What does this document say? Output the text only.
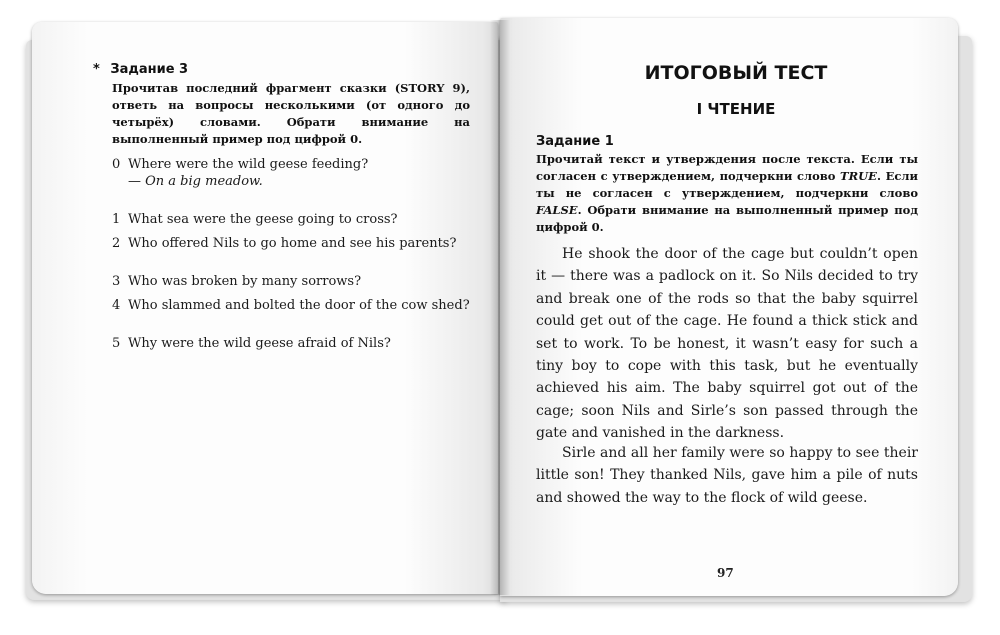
* Задание 3
Прочитав последний фрагмент сказки (STORY 9), ответь на вопросы несколькими (от одного до четырёх) словами. Обрати внимание на выполненный пример под цифрой 0.
0 Where were the wild geese feeding?
— On a big meadow.
1 What sea were the geese going to cross?
2 Who offered Nils to go home and see his parents?
3 Who was broken by many sorrows?
4 Who slammed and bolted the door of the cow shed?
5 Why were the wild geese afraid of Nils?
ИТОГОВЫЙ ТЕСТ
I ЧТЕНИЕ
Задание 1
Прочитай текст и утверждения после текста. Если ты согласен с утверждением, подчеркни слово TRUE. Если ты не согласен с утверждением, подчеркни слово FALSE. Обрати внимание на выполненный пример под цифрой 0.
He shook the door of the cage but couldn’t open it — there was a padlock on it. So Nils decided to try and break one of the rods so that the baby squirrel could get out of the cage. He found a thick stick and set to work. To be honest, it wasn’t easy for such a tiny boy to cope with this task, but he eventually achieved his aim. The baby squirrel got out of the cage; soon Nils and Sirle’s son passed through the gate and vanished in the darkness.
Sirle and all her family were so happy to see their little son! They thanked Nils, gave him a pile of nuts and showed the way to the flock of wild geese.
97
